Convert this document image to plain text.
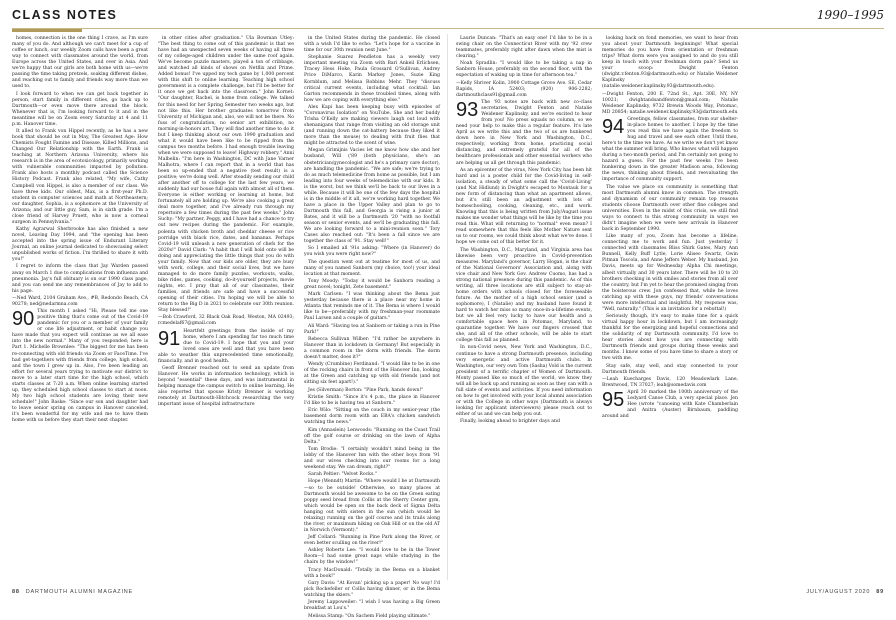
CLASS NOTES	1990–1995

homes, connection is the one thing I crave, as I'm sure many of you do. And although we can't meet for a cup of coffee or lunch, our weekly Zoom calls have been a great way to connect with classmates around the world, from Europe across the United States, and over in Asia. And we're happy that our girls are both home with us—we're passing the time taking pretzels, soaking different dishes, and reaching out to family and friends way more than we used to.

I look forward to when we can get back together in person, start family in different cities, go back up to Dartmouth—or even move there around the block. Whenever that is, I'm looking forward to it and in the meantime will be on Zoom every Saturday at 4 and 11 p.m. Hanover time.

It alled to Frank von Hippel recently, as he has a new book that should be out in May, The Greatest Age: How Chemists Fought Famine and Disease, Killed Millions, and Changed Our Relationship with the Earth. Frank is teaching at Northern Arizona University, where his research is in the area of ecotoxicology, primarily working with vulnerable communities impacted by pollution. Frank also hosts a monthly podcast called the Science History Podcast. Frank also related, "My wife, Cathy Campbell von Hippel, is also a member of our class. We have three kids. Our oldest, Max, is a first-year Ph.D. student in computer sciences and math at Northeastern; our daughter, Sophia, is a sophomore at the University of Arizona; and our little guy, Sam, is in sixth grade. I'm a close friend of Harvey Pruett, who is now a corneal surgeon in Pennsylvania."

Kathy Agrarwal Sherbrooke has also finished a new novel, Leaving Day 1994, and "the opening has been accepted into the spring issue of Endurant Literary Journal, an online journal dedicated to showcasing select unpublished works of fiction. I'm thrilled to share it with you!"

I regret to inform the class that Jay Warden passed away on March 1 due to complications from influenza and pneumonia. Jay's full obituary is on our 1990 class page, and you can send me any remembrances of Jay to add to his page.

—Ned Ward, 2104 Graham Ave., #B, Redondo Beach, CA 90278; ned@nedarmna.com

90 This month I asked "Hi, Please tell me one positive thing that's come out of the Covid-19 pandemic for you or a member of your family or one life adjustment, or habit change you have made that you expect will continue as we all ease into the new normal." Many of you responded; here is Part 1. Michelle Brownlee: "The biggest for me has been re-connecting with old friends via Zoom or FaceTime. I've had get-togethers with friends from college, high school, and the town I grew up in. Also, I've been leading an effort for several years trying to motivate our district to move to a later start time for the high school, which starts classes at 7:20 a.m. When online learning started up, they scheduled high school classes to start at noon. My two high school students are loving their new schedule!" John Baske: "Since our son and daughter had to leave senior spring on campus in Hanover canceled, it's been wonderful for my wife and me to have them home with us before they start their next chapter.

in other cities after graduation." Ula Bowman Utley: "The best thing to come out of this pandemic is that we have had an unexpected seven weeks of having all three of my college-aged children under the same roof again. We've become puzzle masters, played a ton of cribbage, and watched all kinds of shows on Netflix and Prime. Added bonus! I've upped my tech game by 1,000 percent with this shift to online learning. Teaching high school government is a complete challenge, but I'll be better for it once we get back into the classroom." John Kornet: "Our daughter, Rachel, is home from college. We talked for this need for her Spring Semester two weeks ago, but not like this. Her brother graduates tomorrow from University of Michigan and, also, we will not be there. No fuss of congratulation, no senior art exhibition, no morning-in-honors art. They will find another time to do it but I keep thinking about our own 1990 graduation and what it would have been like to be ripped from the campus two months before. I had enough trouble leaving when we were supposed to leave! Highway robbery." Anni Malbelin: "I'm here in Washington, DC with Jane Varner Malhotra, where I can report that in a world that has been so up-ended that a negative (test result) is a positive; we're doing well. After steadily sending our child after another off to college for the last few years, we suddenly had our house full again with almost all of them. Everyone is either working or learning at home, but fortunately all are holding up. We're also cooking a great deal more together, and I've already run through my repertoire a few times during the past few weeks." John Suchy: "My partner, Peggy, and I have had a chance to try out new recipes during the pandemic. For example, polenta with chicken broth and cheddar cheese or rice porridge with black rice, dates, and bananas. Perhaps Covid-19 will unleash a new generation of chefs for the 2020s!" David Clark: "A habit that I will hold onto will be doing and appreciating the little things that you do with your family. Now that our kids are older, they are busy with work, college, and their social lives, but we have managed to do more family puzzles, workouts, walks, bike rides, games, cooking, do-it-yourself projects, movie nights, etc. I pray that all of our classmates, their families, and friends are safe and have a successful opening of their cities. I'm hoping we will be able to return to the Big D in 2021 to celebrate our 30th reunion. Stay blessed!"

—Bob Crawford, 32 Black Oak Road, Weston, MA 02493; rcmedelaf67@gmail.com

91 Heartfelt greetings from the inside of my home, where I am spending far too much time due to Covid-19. I hope that you and your loved ones are well and that you have been able to weather this unprecedented time emotionally, financially, and in good health.

Geoff Brenner reached out to send an update from Hanover. He works in information technology, which is beyond "essential" these days, and was instrumental in helping manage the campus switch to online learning. He also reported that spouse Kristy Brenner is working remotely at Dartmouth-Hitchcock researching the very important issue of hospital infrastructure

in the United States during the pandemic. He closed with a wish I'd like to echo: "Let's hope for a vaccine in time for our 30th reunion next June."

Stephanie Suarez Pendleton has a weekly very important meeting via Zoom with Bari Ankeil Erlichsen, Tracey Hess Hoke, Paula Grossard O'Sullivan, Audrey Price DiMarco, Karin Markey Jones, Suzie King Kornblum, and Melissa Robbins Mehr. They "discuss critical current events, including what cocktail. Ian Garton recommends in these troubled times, along with how we are coping with everything else."

Alex Kapi has been keeping busy with episodes of "Coronavirus Isolation" on YouTube. She and her buddy Trisha O'Kelly are making viewers laugh out loud with shenanigans that range from visiting an old storage unit (and running down the cat-battery because they liked it more than the mouse) to dealing with fruit flies that might be attracted to the scent of wine.

Megan Grimijnis Vacies let me know how she and her husband, Will ('89 (both physicians, she's an obstetrician/gynecologist and he's a primary care doctor), are handling the pandemic. "We are safe; we're trying to do as much telemedicine from home as possible, but I am leading into four weeks of telemedicine with our kids. It is the worst, but we think we'll be back to our lives in a while. Because it will be one of the few days the hospital is in the middle of it all, we're working hard together. We have a place in the Upper Valley and plan to go to Dartmouth this fall, and Georgia is rising a junior at Bates, and it will be a Dartmouth '20 "with no footfall season or senior events, and we'll be graduating this fall. We are looking forward to a mini-reunion soon." Tory Cases also reached out: "It's been a fall since we are together the class of '91. Stay well!"

So I emailed all '91s asking: "Where (in Hanover) do you wish you were right now?"

The question went out at teatime for most of us, and many of you named Sanborn (my choice, too!) your ideal location at that moment.

Tony Moody: "Today it would be Sanborn reading a great novel; tonight, Zete basement."

Mark Carlsen: "I was thinking about the Bema just yesterday because there is a place near my home in Atlanta that reminds me of it. The Bema is where I would like to be—preferably with my freshman-year roommate Paul Larsen and a couple of guitars."

Ali Ward: "Having tea at Sanborn or taking a run in Pine Park!"

Rebecca Sullivan Wilber: "I'd rather be anywhere in Hanover than in lockdown in Germany! But especially in a common room in the dorm with friends. The dorm doesn't matter, does it?"

Wendy (Crumbine) Ferdinand: "I would like to be in one of the rocking chairs in front of the Hanover Inn, looking at the Green and catching up with old friends (and not sitting six feet apart!)."

Jes (Silverman) Borton: "Pine Park, hands down!"

Kristie Smith: "Since it's 4 p.m., the place in Hanover I'd like to be is having tea at Sanborn."

Eric Wilo: "Sitting on the couch in my senior-year (the basement dorm room with an EBA's chicken sandwich watching the news."

Kim (Annaslein) Lenwoods: "Running on the Coast Trail off the golf course or drinking on the lawn of Alpha Delta."

Tom Brodie: "I certainly wouldn't mind being in the lobby of the Hanover Inn with the other boys from '91 and our wives checking into our rooms for a long weekend stay. We can dream, right?"

Sarah Peltier: "Velvet Rocks."

Hope (Wenndt) Martin: "Where would I be at Dartmouth—so to be outside! Otherwise, so many places at Dartmouth would be awesome to be on the Green eating poppy seed bread from Collis at the Sherry Center gym, which would be open on the back deck of Sigma Delta hanging out with sisters in the sun (which would be relaxing) running on the golf course and its trails along the river, or maximum hiking on Oak Hill or on the old AT in Norwich (Vermont)."

Jeff Collard: "Running in Pine Park along the River, or even better sculling on the river!"

Ashley Roberts Lee: "I would love to be in the Tower Room—I had some great naps while studying in the chairs by the window!"

Tracy MacDonald: "Totally in the Bema on a blanket with a book!"

Gary Davis: "At Kovan' picking up a paper! No way! I'd pick Rockefeller or Collis having dinner, or in the Bema watching the skiers."

Jeremy Lappoweiler: "I wish I was having a Big Green breakfast at Lou's."

Melissa Stamp: "On Sachem Field playing ultimate."

Laurie Duncan: "That's an easy one! I'd like to be in a swing chair on the Connecticut River with my '92 crew teammates, preferably right after dawn when the mist is clearing."

Noah Spradlin: "I would like to be taking a nap in Sanborn House, preferably on the second floor, with the expectation of waking up in time for afternoon tea."

—Kelly Shriver Kolin, 3900 Cottage Grove Ave. SE, Cedar Rapids, IA 52403; (920) 906-2282; dartmouthclass91@gmail.com

93 The '93 notes are back with new co-class secretaries, Dwight Fenton and Natalie Weidener Kaplinsky, and we're excited to hear from you! No press squads no column, so we need your help to make this a regular feature. It's late April as we write this and the two of us are hunkered down here in New York and Washington, D.C., respectively, working from home, practicing social distancing, and extremely grateful for all of the healthcare professionals and other essential workers who are helping us all get through this pandemic.

As an epicenter of the virus, New York City has been hit hard and is a poster child for the Covid-living in self-isolation, a steady of what some call the 'Covid-Living' (and Nat Hidlund) in Dwight's escaped to Montauk for a new form of distancing than what an apartment allows, but it's still been an adjustment with lots of homeschooling, cooking, cleaning, etc., and work. Knowing that this is being written from July/August issue makes me wonder what things will be like by the time you read this. What will returning to "normal" even mean? I read somewhere that this feels like Mother Nature sent us to our rooms, we could think about what we've done. I hope we come out of this better for it.

The Washington, D.C., Maryland, and Virginia area has likewise been very proactive in Covid-prevention measures. Maryland's governor, Larry Hogan, is the chair of the National Governors' Association and, along with vice chair and New York Gov. Andrew Cuomo, has had a strong national presence during this pandemic. As of this writing, all three locations are still subject to stay-at-home orders with schools closed for the foreseeable future. As the mother of a high school senior (and a sophomore), I (Natalie) and my husband have found it hard to watch her miss so many once-in-a-lifetime events, but we all feel very lucky to have our health and a comfortable space here in Potomac, Maryland, to quarantine together. We have our fingers crossed that she, and all of the other schools, will be able to start college this fall as planned.

In non-Covid news, New York and Washington, D.C., continue to have a strong Dartmouth presence, including very energetic and active Dartmouth clubs. In Washington, our very own Tom (Sasha) Vold is the current president of a terrific chapter of Women of Dartmouth. Monty passed like so much of the world, we know they will all be back up and running as soon as they can with a full slate of events and activities. If you need information on how to get involved with your local alumni association or with the College in other ways (Dartmouth is always looking for applicant interviewers) please reach out to either of us and we can help you out.

Finally, looking ahead to brighter days and

looking back on fond memories, we want to hear from you about your Dartmouth beginnings! What special memories do you have from orientation or freshman trips? What dorm were you assigned to and do you still keep in touch with your freshman dorm pals? Send us your scoop: Dwight Fenton (dwight.r.fenton.93@dartmouth.edu) or Natalie Weidener Kaplinsky (natalie.weidener.kaplinsky.93@dartmouth.edu).

—Dwight Fenton, 200 E. 72nd St., Apt. 30E, NY, NY 10021; dwightandsandfenton@gmail.com; Natalie Weidener Kaplinsky, 9732 Brewin Woods Way, Potomac, MD 20854; natalie.weidener.kaplinsky.93@dartmouth.edu

94 Greetings, fellow classmates, from our shelter-in-place homes to another. I hope by the time you read this we have again the freedom to hug and travel and see each other. Until then, here's to the time we have. As we write we don't yet know what the summer will bring. Who knows what will happen during a two-month period, and I'm certainly not going to hazard a guess. For the past few weeks I've been hunkering down in the greater Madison area, following the news, thinking about friends, and reevaluating the importance of community support.

The value we place on community is something that most Dartmouth alumni know in common. The strength and dynamism of our community remain top reasons students choose Dartmouth over other fine colleges and universities. Even in the midst of this crisis, we still find ways to connect to this strong community in ways we didn't imagine when we were new arrivals in Hanover back in September 1990.

Like many of you, Zoom has become a lifeline, connecting me to work and fun. Just yesterday I connected with classmates Bliss Shirk Gates, Mary Ann Bunnell, Kelly Buff Lytle, Lorie Aliseo Swartz, Gwin Pitman Toscola, and Anne Jeffers Weber. My husband, Jon Davis, meets up for Wednesday Alpha Chi meetings, albeit virtually and 30 years later. There will be 10 to 20 brothers checking in with smiles and stories from all over the country, but I'm yet to hear the promised singing from the boisterous crew. Jon confessed that, while he loves catching up with these guys, my friends' conversations were more intellectual and insightful. My response was, "Well, naturally." (This is an invitation for a rebuttal!)

Seriously though, it's easy to make time for a quick virtual happy hour in lockdown, but I am increasingly thankful for the energizing and hopeful connections and the solidarity of my Dartmouth community. I'd love to hear stories about how you are connecting with Dartmouth friends and groups during these weeks and months. I know some of you have time to share a story or two with me.

Stay safe, stay well, and stay connected to your Dartmouth friends.

—Leah Kuecharges Davis, 120 Meadowlark Lane, Brentwood, TN 37027; leah@somedavis.com

95 April 30 marked the 100th anniversary of the Ledyard Canoe Club, a very special place. Jen Hee (wrote "canoeing with Kate Chamberlain and Anitra (Auster) Birnbaum, paddling around and

88 DARTMOUTH ALUMNI MAGAZINE	JULY/AUGUST 2020 89
